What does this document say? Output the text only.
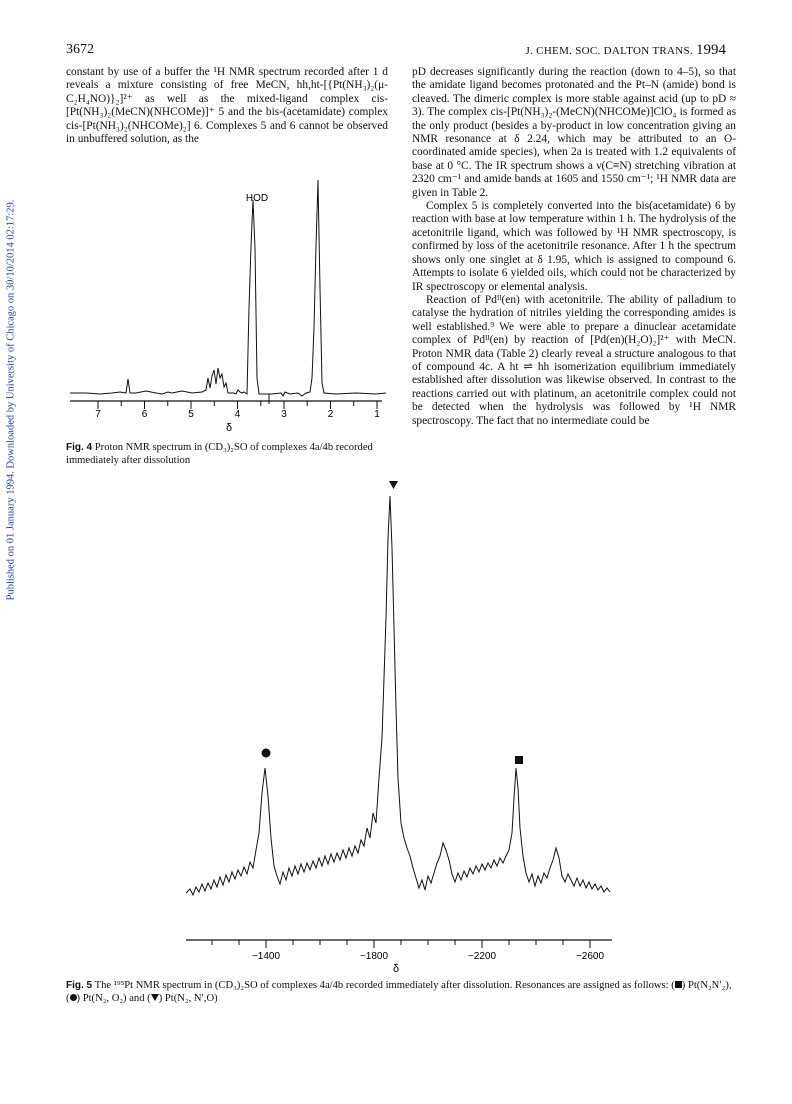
Published on 01 January 1994. Downloaded by University of Chicago on 30/10/2014 02:17:29.
3672	J. CHEM. SOC. DALTON TRANS. 1994

constant by use of a buffer the ¹H NMR spectrum recorded after 1 d reveals a mixture consisting of free MeCN, hh,ht-[{Pt(NH₃)₂(μ-C₂H₄NO)}₂]²⁺ as well as the mixed-ligand complex cis-[Pt(NH₃)₂(MeCN)(NHCOMe)]⁺ 5 and the bis-(acetamidate) complex cis-[Pt(NH₃)₂(NHCOMe)₂] 6. Complexes 5 and 6 cannot be observed in unbuffered solution, as the

pD decreases significantly during the reaction (down to 4–5), so that the amidate ligand becomes protonated and the Pt–N (amide) bond is cleaved. The dimeric complex is more stable against acid (up to pD ≈ 3). The complex cis-[Pt(NH₃)₂-(MeCN)(NHCOMe)]ClO₄ is formed as the only product (besides a by-product in low concentration giving an NMR resonance at δ 2.24, which may be attributed to an O-coordinated amide species), when 2a is treated with 1.2 equivalents of base at 0 °C. The IR spectrum shows a ν(C≡N) stretching vibration at 2320 cm⁻¹ and amide bands at 1605 and 1550 cm⁻¹; ¹H NMR data are given in Table 2.

Complex 5 is completely converted into the bis(acetamidate) 6 by reaction with base at low temperature within 1 h. The hydrolysis of the acetonitrile ligand, which was followed by ¹H NMR spectroscopy, is confirmed by loss of the acetonitrile resonance. After 1 h the spectrum shows only one singlet at δ 1.95, which is assigned to compound 6. Attempts to isolate 6 yielded oils, which could not be characterized by IR spectroscopy or elemental analysis.

Reaction of Pdᴵᴵ(en) with acetonitrile. The ability of palladium to catalyse the hydration of nitriles yielding the corresponding amides is well established.⁹ We were able to prepare a dinuclear acetamidate complex of Pdᴵᴵ(en) by reaction of [Pd(en)(H₂O)₂]²⁺ with MeCN. Proton NMR data (Table 2) clearly reveal a structure analogous to that of compound 4c. A ht ⇌ hh isomerization equilibrium immediately established after dissolution was likewise observed. In contrast to the reactions carried out with platinum, an acetonitrile complex could not be detected when the hydrolysis was followed by ¹H NMR spectroscopy. The fact that no intermediate could be

HOD
7	6	5	4	3	2	1
δ
Fig. 4 Proton NMR spectrum in (CD₃)₂SO of complexes 4a/4b recorded immediately after dissolution
−1400	−1800	−2200	−2600
δ
Fig. 5 The ¹⁹⁵Pt NMR spectrum in (CD₃)₂SO of complexes 4a/4b recorded immediately after dissolution. Resonances are assigned as follows: ( ) Pt(N₂N′₂), ( ) Pt(N₂, O₂) and ( ) Pt(N₂, N′,O)
